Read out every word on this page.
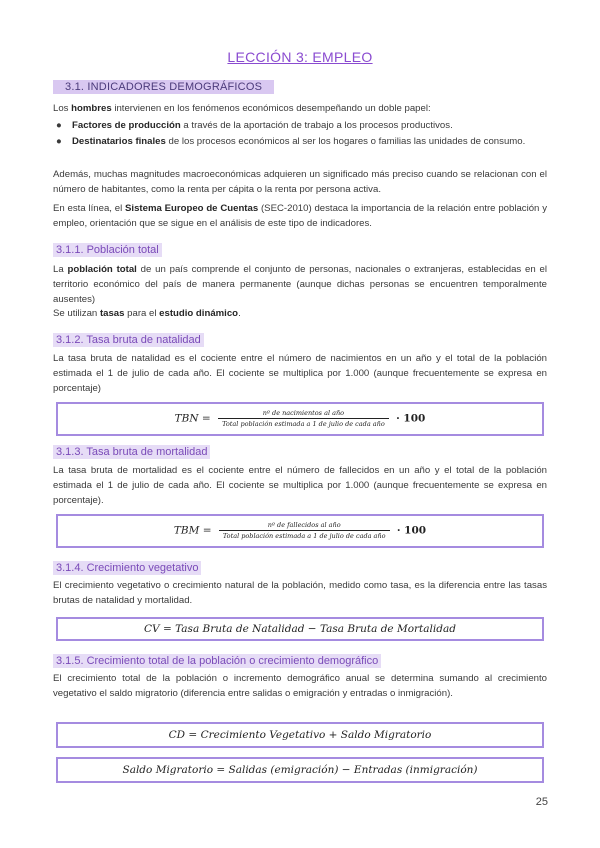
LECCIÓN 3: EMPLEO
3.1. INDICADORES DEMOGRÁFICOS
Los hombres intervienen en los fenómenos económicos desempeñando un doble papel:
●	Factores de producción a través de la aportación de trabajo a los procesos productivos.
●	Destinatarios finales de los procesos económicos al ser los hogares o familias las unidades de consumo.
Además, muchas magnitudes macroeconómicas adquieren un significado más preciso cuando se relacionan con el número de habitantes, como la renta per cápita o la renta por persona activa.
En esta línea, el Sistema Europeo de Cuentas (SEC-2010) destaca la importancia de la relación entre población y empleo, orientación que se sigue en el análisis de este tipo de indicadores.
3.1.1. Población total
La población total de un país comprende el conjunto de personas, nacionales o extranjeras, establecidas en el territorio económico del país de manera permanente (aunque dichas personas se encuentren temporalmente ausentes)
Se utilizan tasas para el estudio dinámico.
3.1.2. Tasa bruta de natalidad
La tasa bruta de natalidad es el cociente entre el número de nacimientos en un año y el total de la población estimada el 1 de julio de cada año. El cociente se multiplica por 1.000 (aunque frecuentemente se expresa en porcentaje)
TBN = $\frac{\text{nº de nacimientos al año}}{\text{Total población estimada a 1 de julio de cada año}} \cdot 100$
3.1.3. Tasa bruta de mortalidad
La tasa bruta de mortalidad es el cociente entre el número de fallecidos en un año y el total de la población estimada el 1 de julio de cada año. El cociente se multiplica por 1.000 (aunque frecuentemente se expresa en porcentaje).
TBM = $\frac{\text{nº de fallecidos al año}}{\text{Total población estimada a 1 de julio de cada año}} \cdot 100$
3.1.4. Crecimiento vegetativo
El crecimiento vegetativo o crecimiento natural de la población, medido como tasa, es la diferencia entre las tasas brutas de natalidad y mortalidad.
CV = Tasa Bruta de Natalidad − Tasa Bruta de Mortalidad
3.1.5. Crecimiento total de la población o crecimiento demográfico
El crecimiento total de la población o incremento demográfico anual se determina sumando al crecimiento vegetativo el saldo migratorio (diferencia entre salidas o emigración y entradas o inmigración).
CD = Crecimiento Vegetativo + Saldo Migratorio
Saldo Migratorio = Salidas (emigración) − Entradas (inmigración)
25
